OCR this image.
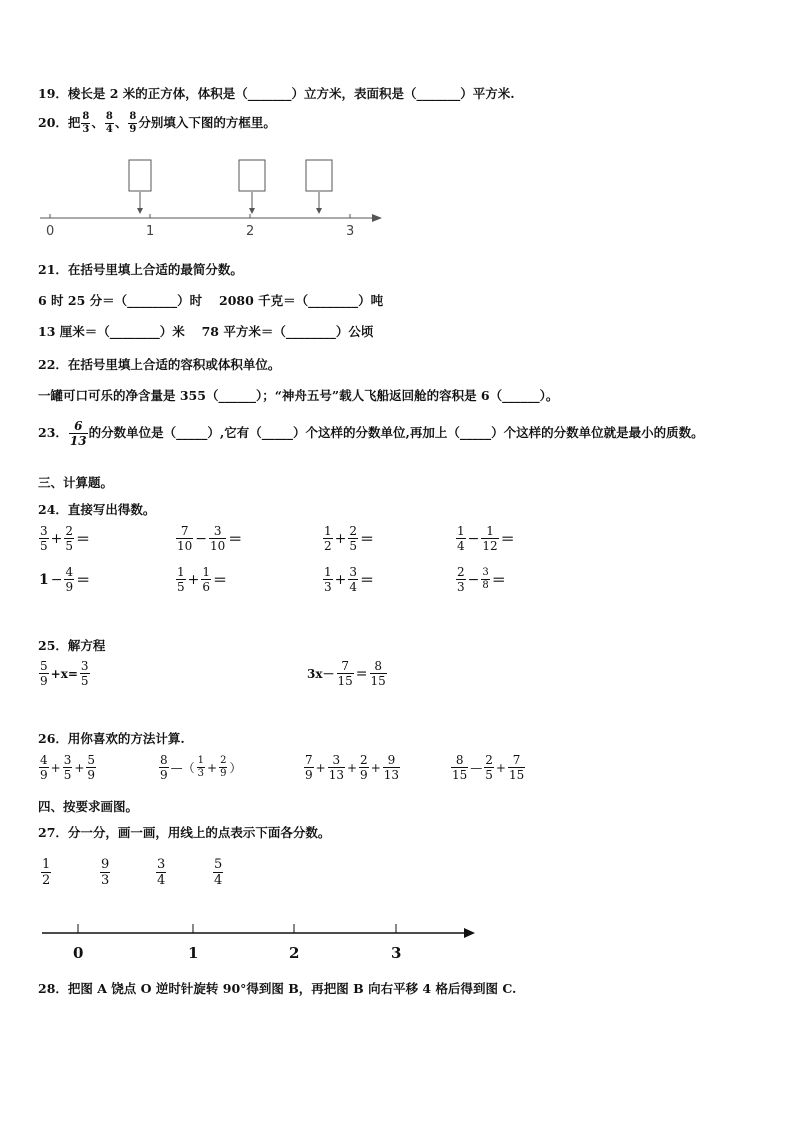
19．棱长是 2 米的正方体，体积是（_______）立方米，表面积是（_______）平方米.
20．把 $\frac{8}{3}$ 、 $\frac{8}{4}$ 、 $\frac{8}{9}$ 分别填入下图的方框里。
0	1	2	3
21．在括号里填上合适的最简分数。
6 时 25 分＝（________）时　 2080 千克＝（________）吨
13 厘米＝（________）米　 78 平方米＝（________）公顷
22．在括号里填上合适的容积或体积单位。
一罐可口可乐的净含量是 355（______）；“神舟五号”载人飞船返回舱的容积是 6（______）。
23． $\frac{6}{13}$ 的分数单位是（_____）,它有（_____）个这样的分数单位,再加上（_____）个这样的分数单位就是最小的质数。
三、计算题。
24．直接写出得数。
$\frac{3}{5} + \frac{2}{5}$ ＝	$\frac{7}{10} - \frac{3}{10}$ ＝	$\frac{1}{2} + \frac{2}{5}$ ＝	$\frac{1}{4} - \frac{1}{12}$ ＝
$1 - \frac{4}{9}$ ＝	$\frac{1}{5} + \frac{1}{6}$ ＝	$\frac{1}{3} + \frac{3}{4}$ ＝	$\frac{2}{3} - \frac{3}{8}$ ＝
25．解方程
$\frac{5}{9} +x= \frac{3}{5}$	$3x- \frac{7}{15} = \frac{8}{15}$
26．用你喜欢的方法计算.
$\frac{4}{9} + \frac{3}{5} + \frac{5}{9}$	$\frac{8}{9}$ —（ $\frac{1}{3} + \frac{2}{9}$ ）	$\frac{7}{9} + \frac{3}{13} + \frac{2}{9} + \frac{9}{13}$	$\frac{8}{15}$ — $\frac{2}{5} + \frac{7}{15}$
四、按要求画图。
27．分一分，画一画，用线上的点表示下面各分数。
$\frac{1}{2}$	$\frac{9}{3}$	$\frac{3}{4}$	$\frac{5}{4}$
0	1	2	3
28．把图 A 饶点 O 逆时针旋转 90°得到图 B，再把图 B 向右平移 4 格后得到图 C.
